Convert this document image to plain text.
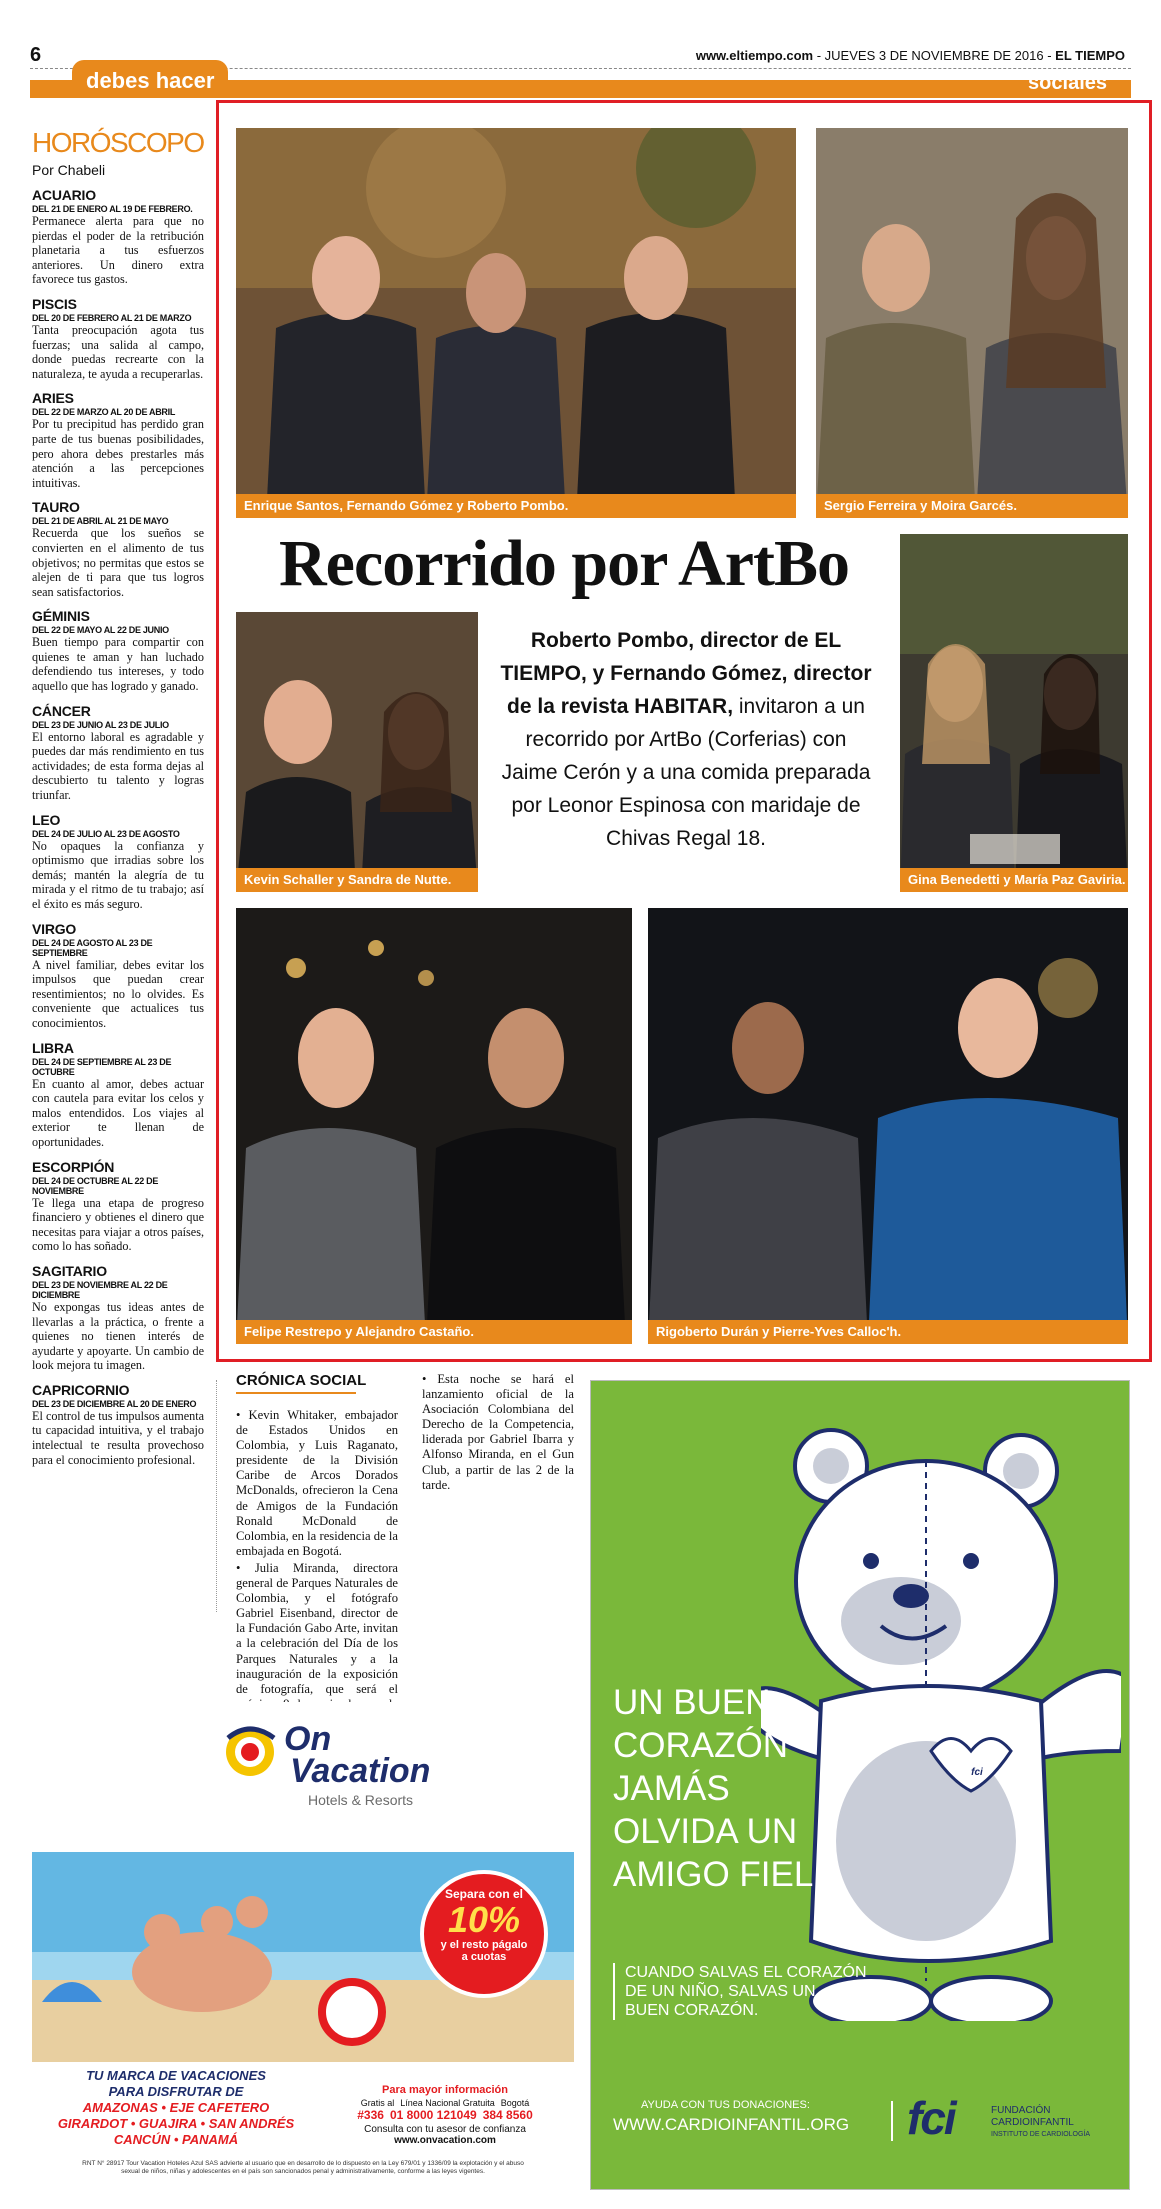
6	www.eltiempo.com - JUEVES 3 DE NOVIEMBRE DE 2016 - EL TIEMPO
debes hacer	sociales
HORÓSCOPO
Por Chabeli
ACUARIO
DEL 21 DE ENERO AL 19 DE FEBRERO.
Permanece alerta para que no pierdas el poder de la retribución planetaria a tus esfuerzos anteriores. Un dinero extra favorece tus gastos.
PISCIS
DEL 20 DE FEBRERO AL 21 DE MARZO
Tanta preocupación agota tus fuerzas; una salida al campo, donde puedas recrearte con la naturaleza, te ayuda a recuperarlas.
ARIES
DEL 22 DE MARZO AL 20 DE ABRIL
Por tu precipitud has perdido gran parte de tus buenas posibilidades, pero ahora debes prestarles más atención a las percepciones intuitivas.
TAURO
DEL 21 DE ABRIL AL 21 DE MAYO
Recuerda que los sueños se convierten en el alimento de tus objetivos; no permitas que estos se alejen de ti para que tus logros sean satisfactorios.
GÉMINIS
DEL 22 DE MAYO AL 22 DE JUNIO
Buen tiempo para compartir con quienes te aman y han luchado defendiendo tus intereses, y todo aquello que has logrado y ganado.
CÁNCER
DEL 23 DE JUNIO AL 23 DE JULIO
El entorno laboral es agradable y puedes dar más rendimiento en tus actividades; de esta forma dejas al descubierto tu talento y logras triunfar.
LEO
DEL 24 DE JULIO AL 23 DE AGOSTO
No opaques la confianza y optimismo que irradias sobre los demás; mantén la alegría de tu mirada y el ritmo de tu trabajo; así el éxito es más seguro.
VIRGO
DEL 24 DE AGOSTO AL 23 DE SEPTIEMBRE
A nivel familiar, debes evitar los impulsos que puedan crear resentimientos; no lo olvides. Es conveniente que actualices tus conocimientos.
LIBRA
DEL 24 DE SEPTIEMBRE AL 23 DE OCTUBRE
En cuanto al amor, debes actuar con cautela para evitar los celos y malos entendidos. Los viajes al exterior te llenan de oportunidades.
ESCORPIÓN
DEL 24 DE OCTUBRE AL 22 DE NOVIEMBRE
Te llega una etapa de progreso financiero y obtienes el dinero que necesitas para viajar a otros países, como lo has soñado.
SAGITARIO
DEL 23 DE NOVIEMBRE AL 22 DE DICIEMBRE
No expongas tus ideas antes de llevarlas a la práctica, o frente a quienes no tienen interés de ayudarte y apoyarte. Un cambio de look mejora tu imagen.
CAPRICORNIO
DEL 23 DE DICIEMBRE AL 20 DE ENERO
El control de tus impulsos aumenta tu capacidad intuitiva, y el trabajo intelectual te resulta provechoso para el conocimiento profesional.
Enrique Santos, Fernando Gómez y Roberto Pombo.	Sergio Ferreira y Moira Garcés.
Recorrido por ArtBo
Roberto Pombo, director de EL TIEMPO, y Fernando Gómez, director de la revista HABITAR, invitaron a un recorrido por ArtBo (Corferias) con Jaime Cerón y a una comida preparada por Leonor Espinosa con maridaje de Chivas Regal 18.
Kevin Schaller y Sandra de Nutte.	Gina Benedetti y María Paz Gaviria.
Felipe Restrepo y Alejandro Castaño.	Rigoberto Durán y Pierre-Yves Calloc'h.
CRÓNICA SOCIAL

• Kevin Whitaker, embajador de Estados Unidos en Colombia, y Luis Raganato, presidente de la División Caribe de Arcos Dorados McDonalds, ofrecieron la Cena de Amigos de la Fundación Ronald McDonald de Colombia, en la residencia de la embajada en Bogotá.

• Julia Miranda, directora general de Parques Naturales de Colombia, y el fotógrafo Gabriel Eisenband, director de la Fundación Gabo Arte, invitan a la celebración del Día de los Parques Naturales y a la inauguración de la exposición de fotografía, que será el

• Esta noche se hará el lanzamiento oficial de la Asociación Colombiana del Derecho de la Competencia, liderada por Gabriel Ibarra y Alfonso Miranda, en el Gun Club, a partir de las 2 de la tarde.

On
Vacation
Hotels & Resorts
Separa con el
10%
y el resto págalo a cuotas
TU MARCA DE VACACIONES
PARA DISFRUTAR DE
AMAZONAS • EJE CAFETERO
GIRARDOT • GUAJIRA • SAN ANDRÉS
CANCÚN • PANAMÁ
Para mayor información
Gratis al Línea Nacional Gratuita Bogotá
#336 01 8000 121049 384 8560
Consulta con tu asesor de confianza
www.onvacation.com
RNT N° 28917 Tour Vacation Hoteles Azul SAS advierte al usuario que en desarrollo de lo dispuesto en la Ley 679/01 y 1336/09 la explotación y el abuso sexual de niños, niñas y adolescentes en el país son sancionados penal y administrativamente, conforme a las leyes vigentes.
fci
UN BUEN
CORAZÓN
JAMÁS
OLVIDA UN
AMIGO FIEL.
CUANDO SALVAS EL CORAZÓN
DE UN NIÑO, SALVAS UN
BUEN CORAZÓN.
AYUDA CON TUS DONACIONES:
WWW.CARDIOINFANTIL.ORG fci	FUNDACIÓN
CARDIOINFANTIL
INSTITUTO DE CARDIOLOGÍA
